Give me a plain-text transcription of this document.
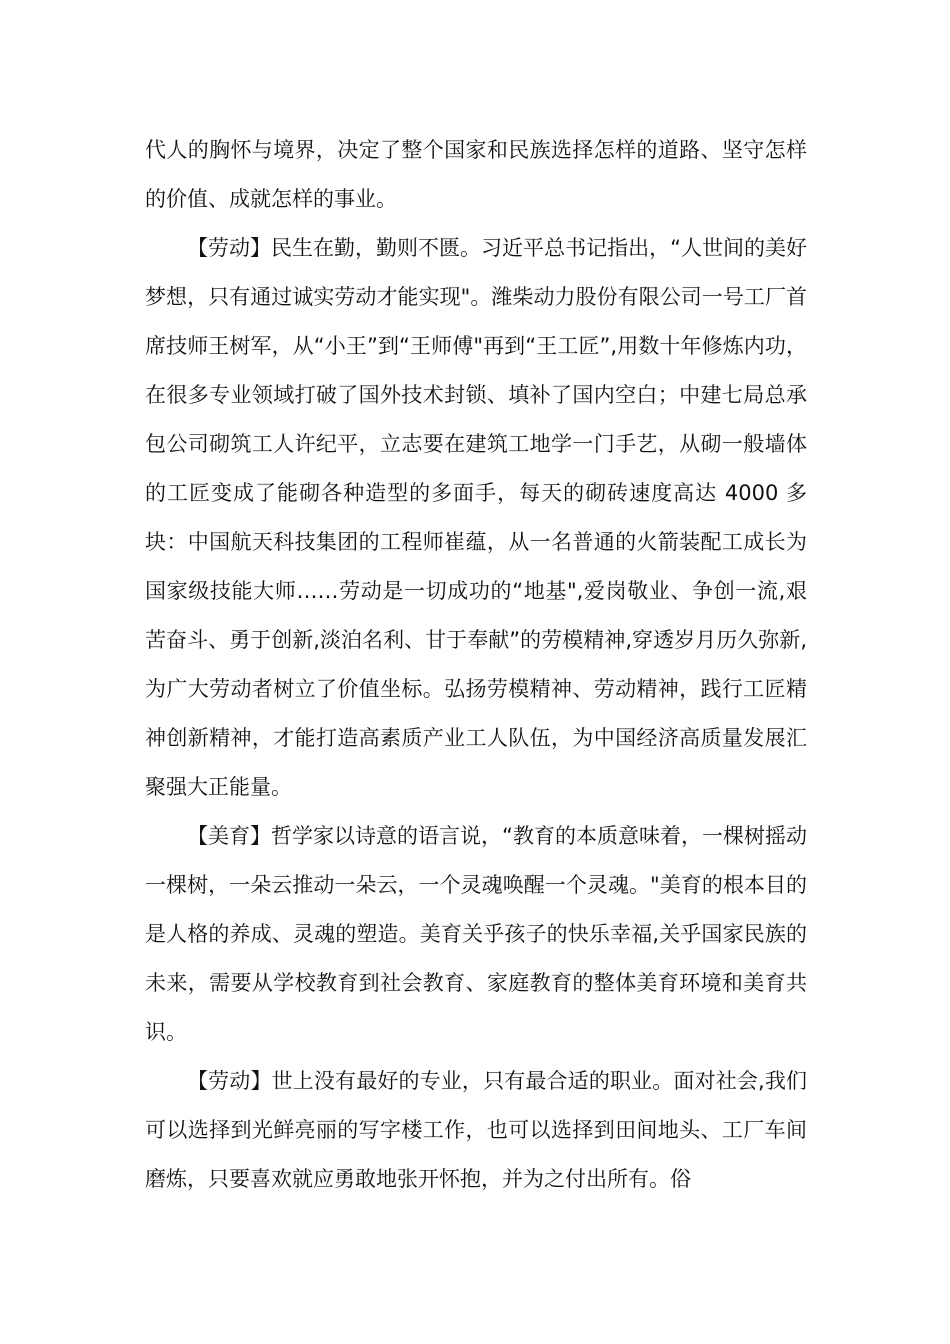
代人的胸怀与境界，决定了整个国家和民族选择怎样的道路、坚守怎样的价值、成就怎样的事业。

【劳动】民生在勤，勤则不匮。习近平总书记指出，“人世间的美好梦想，只有通过诚实劳动才能实现"。潍柴动力股份有限公司一号工厂首席技师王树军，从“小王”到“王师傅"再到“王工匠”,用数十年修炼内功，在很多专业领域打破了国外技术封锁、填补了国内空白；中建七局总承包公司砌筑工人许纪平，立志要在建筑工地学一门手艺，从砌一般墙体的工匠变成了能砌各种造型的多面手，每天的砌砖速度高达 4000 多块：中国航天科技集团的工程师崔蕴，从一名普通的火箭装配工成长为国家级技能大师……劳动是一切成功的“地基",爱岗敬业、争创一流,艰苦奋斗、勇于创新,淡泊名利、甘于奉献”的劳模精神,穿透岁月历久弥新,为广大劳动者树立了价值坐标。弘扬劳模精神、劳动精神，践行工匠精神创新精神，才能打造高素质产业工人队伍，为中国经济高质量发展汇聚强大正能量。

【美育】哲学家以诗意的语言说，“教育的本质意味着，一棵树摇动一棵树，一朵云推动一朵云，一个灵魂唤醒一个灵魂。"美育的根本目的是人格的养成、灵魂的塑造。美育关乎孩子的快乐幸福,关乎国家民族的未来，需要从学校教育到社会教育、家庭教育的整体美育环境和美育共识。

【劳动】世上没有最好的专业，只有最合适的职业。面对社会,我们可以选择到光鲜亮丽的写字楼工作，也可以选择到田间地头、工厂车间磨炼，只要喜欢就应勇敢地张开怀抱，并为之付出所有。俗
